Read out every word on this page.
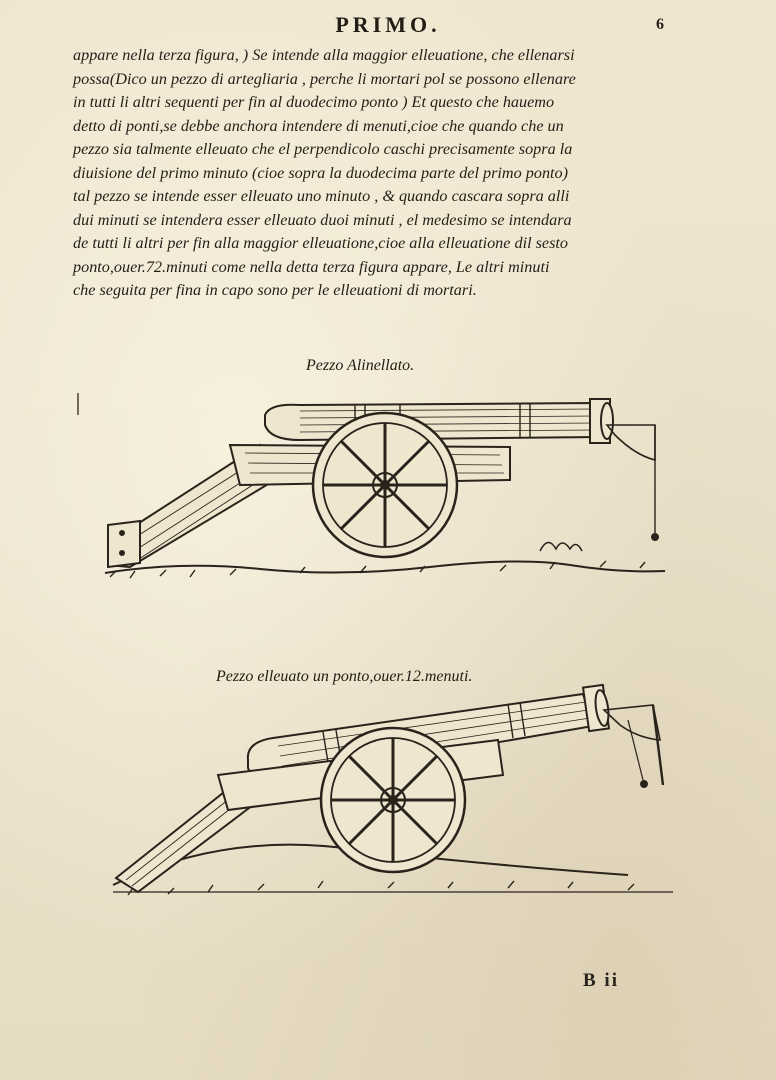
PRIMO.	6
appare nella terza figura, ) Se intende alla maggior elleuatione, che ellenarsi
possa(Dico un pezzo di artegliaria , perche li mortari pol se possono ellenare
in tutti li altri sequenti per fin al duodecimo ponto ) Et questo che hauemo
detto di ponti,se debbe anchora intendere di menuti,cioe che quando che un
pezzo sia talmente elleuato che el perpendicolo caschi precisamente sopra la
diuisione del primo minuto (cioe sopra la duodecima parte del primo ponto)
tal pezzo se intende esser elleuato uno minuto , & quando cascara sopra alli
dui minuti se intendera esser elleuato duoi minuti , el medesimo se intendara
de tutti li altri per fin alla maggior elleuatione,cioe alla elleuatione dil sesto
ponto,ouer.72.minuti come nella detta terza figura appare, Le altri minuti
che seguita per fina in capo sono per le elleuationi di mortari.
Pezzo Alinellato.
Pezzo elleuato un ponto,ouer.12.menuti.
B ii
